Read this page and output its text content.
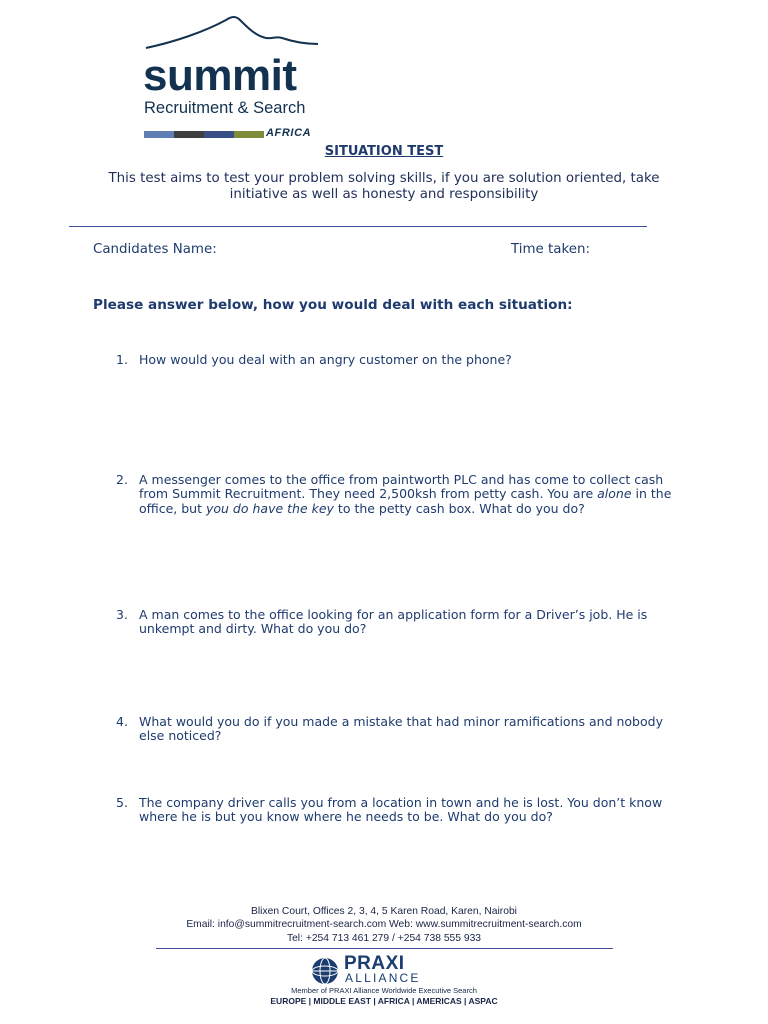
summit
Recruitment & Search
AFRICA
SITUATION TEST
This test aims to test your problem solving skills, if you are solution oriented, take initiative as well as honesty and responsibility
Candidates Name:	Time taken:
Please answer below, how you would deal with each situation:
1. How would you deal with an angry customer on the phone?
2. A messenger comes to the office from paintworth PLC and has come to collect cash from Summit Recruitment. They need 2,500ksh from petty cash. You are alone in the office, but you do have the key to the petty cash box. What do you do?
3. A man comes to the office looking for an application form for a Driver’s job. He is unkempt and dirty. What do you do?
4. What would you do if you made a mistake that had minor ramifications and nobody else noticed?
5. The company driver calls you from a location in town and he is lost. You don’t know where he is but you know where he needs to be. What do you do?
Blixen Court, Offices 2, 3, 4, 5 Karen Road, Karen, Nairobi
Email: info@summitrecruitment-search.com Web: www.summitrecruitment-search.com
Tel: +254 713 461 279 / +254 738 555 933
PRAXI
ALLIANCE
Member of PRAXI Alliance Worldwide Executive Search
EUROPE | MIDDLE EAST | AFRICA | AMERICAS | ASPAC
